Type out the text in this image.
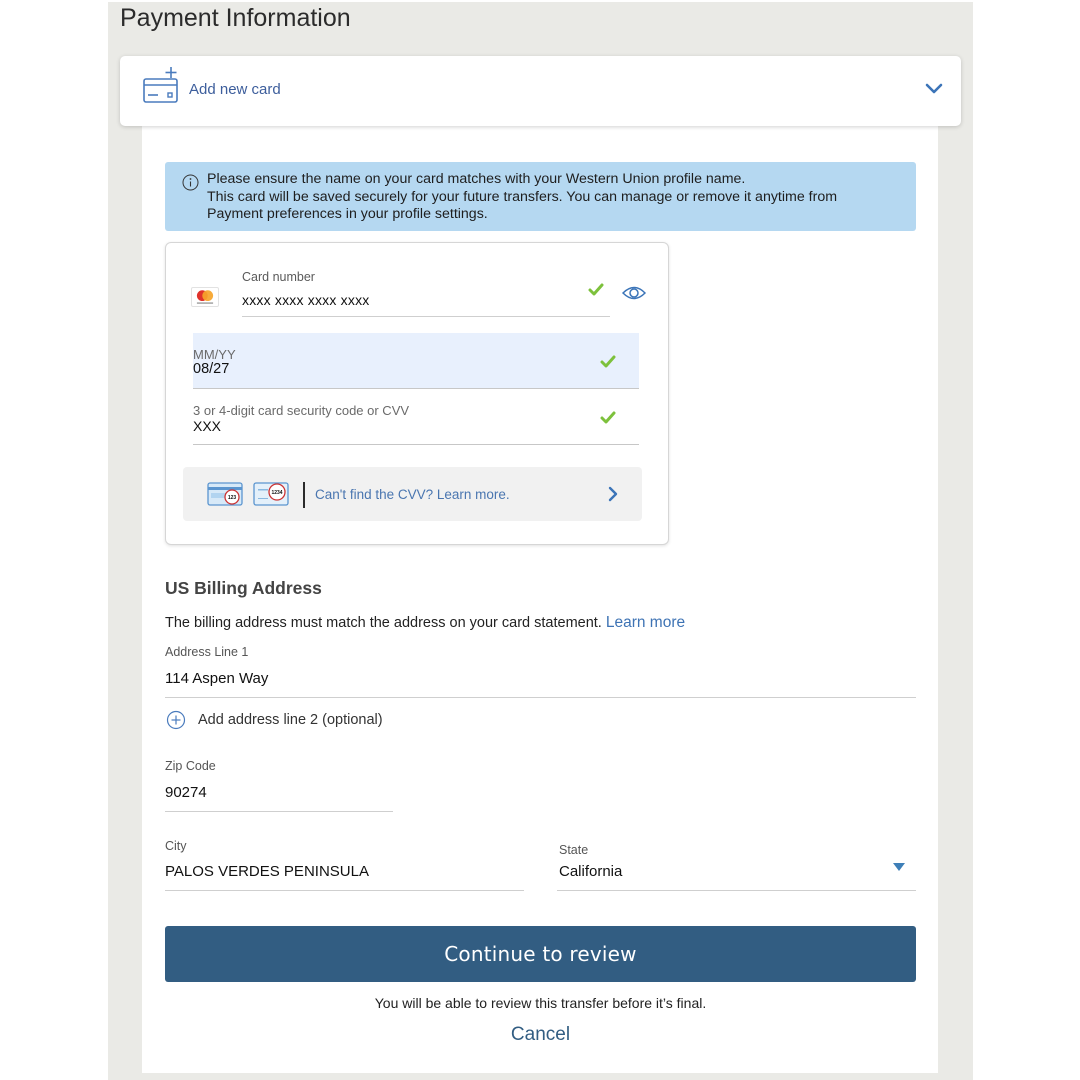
Payment Information
Add new card
Please ensure the name on your card matches with your Western Union profile name.
This card will be saved securely for your future transfers. You can manage or remove it anytime from
Payment preferences in your profile settings.
Card number
xxxx xxxx xxxx xxxx
MM/YY
08/27
3 or 4-digit card security code or CVV
XXX
123
1234 Can't find the CVV? Learn more.
US Billing Address
The billing address must match the address on your card statement. Learn more
Address Line 1
114 Aspen Way
Add address line 2 (optional)
Zip Code
90274
City
PALOS VERDES PENINSULA
State
California
Continue to review
You will be able to review this transfer before it’s final.
Cancel
